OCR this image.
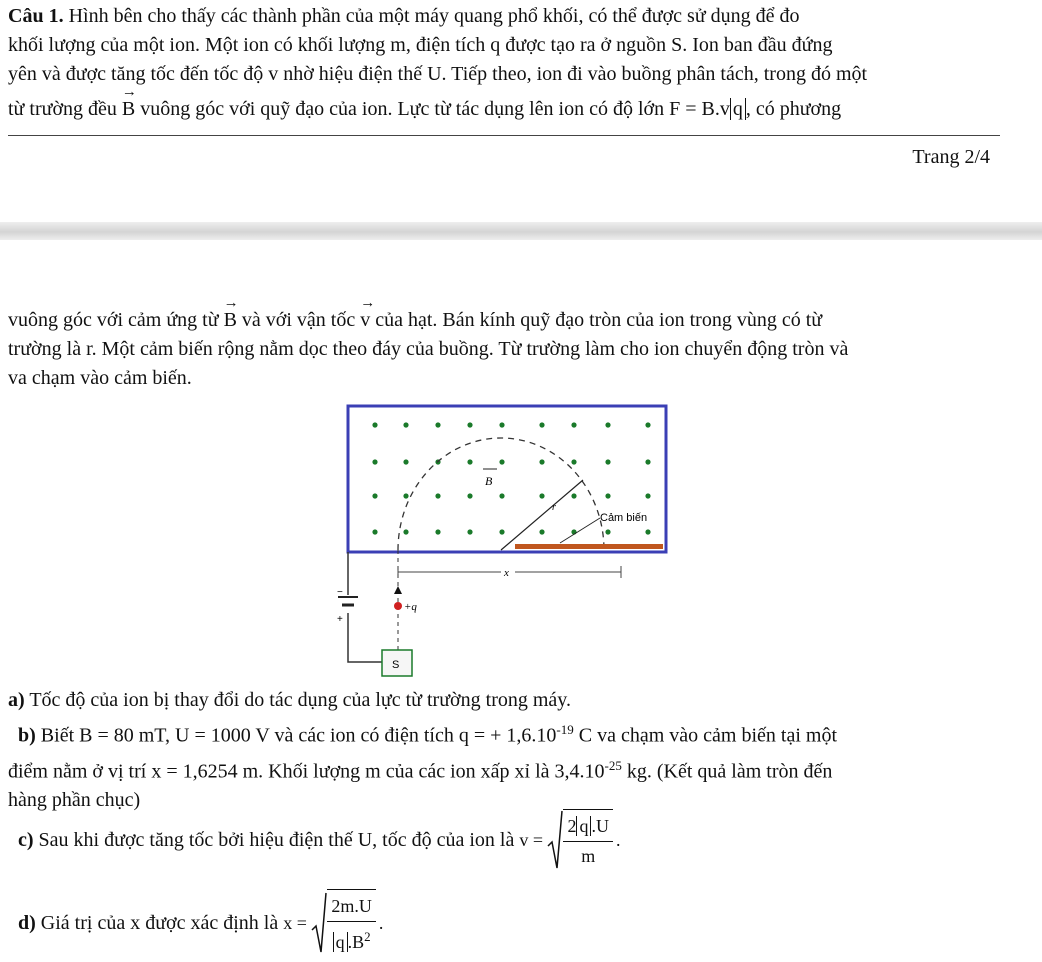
Câu 1. Hình bên cho thấy các thành phần của một máy quang phổ khối, có thể được sử dụng để đo
khối lượng của một ion. Một ion có khối lượng m, điện tích q được tạo ra ở nguồn S. Ion ban đầu đứng
yên và được tăng tốc đến tốc độ v nhờ hiệu điện thế U. Tiếp theo, ion đi vào buồng phân tách, trong đó một
từ trường đều → B vuông góc với quỹ đạo của ion. Lực từ tác dụng lên ion có độ lớn F = B.v q , có phương
Trang 2/4
vuông góc với cảm ứng từ → B và với vận tốc → v của hạt. Bán kính quỹ đạo tròn của ion trong vùng có từ
trường là r. Một cảm biến rộng nằm dọc theo đáy của buồng. Từ trường làm cho ion chuyển động tròn và
va chạm vào cảm biến.
r
B
Cảm biến
x
+q
−
+
S
a) Tốc độ của ion bị thay đổi do tác dụng của lực từ trường trong máy.
b) Biết B = 80 mT, U = 1000 V và các ion có điện tích q = + $1,6.10^{-19}$ C va chạm vào cảm biến tại một
điểm nằm ở vị trí x = 1,6254 m. Khối lượng m của các ion xấp xỉ là $3,4.10^{-25}$ kg. (Kết quả làm tròn đến
hàng phần chục)
c) Sau khi được tăng tốc bởi hiệu điện thế U, tốc độ của ion là v =
$\frac{2 q .U}{m}$ .
d) Giá trị của x được xác định là x =
$\frac{2m.U}{q .B^2}$ .
